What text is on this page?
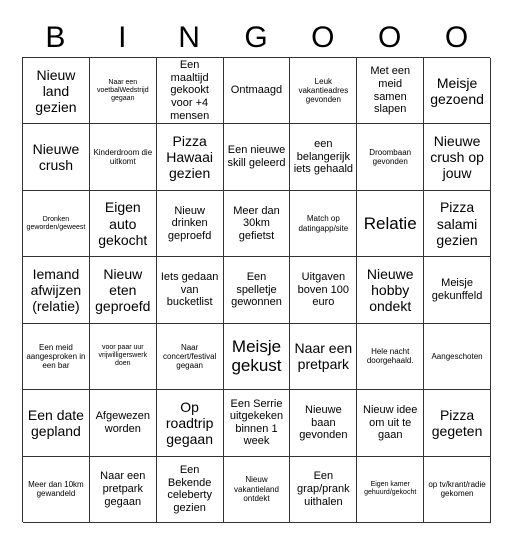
B	I	N	G	O	O	O
Nieuw land gezien
Naar een voetbalWedstrijd gegaan
Een maaltijd gekookt voor +4 mensen
Ontmaagd
Leuk vakantieadres gevonden
Met een meid samen slapen
Meisje gezoend
Nieuwe crush
Kinderdroom die uitkomt
Pizza Hawaai gezien
Een nieuwe skill geleerd
een belangerijk iets gehaald
Droombaan gevonden
Nieuwe crush op jouw
Dronken geworden/geweest
Eigen auto gekocht
Nieuw drinken geproefd
Meer dan 30km gefietst
Match op datingapp/site Relatie
Pizza salami gezien
Iemand afwijzen (relatie)
Nieuw eten geproefd
Iets gedaan van bucketlist
Een spelletje gewonnen
Uitgaven boven 100 euro
Nieuwe hobby ondekt
Meisje gekunffeld
Een meid aangesproken in een bar
voor paar uur vrijwilligerswerk doen
Naar concert/festival gegaan
Meisje gekust
Naar een pretpark
Hele nacht doorgehaald.
Aangeschoten
Een date gepland
Afgewezen worden
Op roadtrip gegaan
Een Serrie uitgekeken binnen 1 week
Nieuwe baan gevonden
Nieuw idee om uit te gaan
Pizza gegeten
Meer dan 10km gewandeld
Naar een pretpark gegaan
Een Bekende celeberty gezien
Nieuw vakantieland ontdekt
Een grap/prank uithalen
Eigen kamer gehuurd/gekocht
op tv/krant/radie gekomen
